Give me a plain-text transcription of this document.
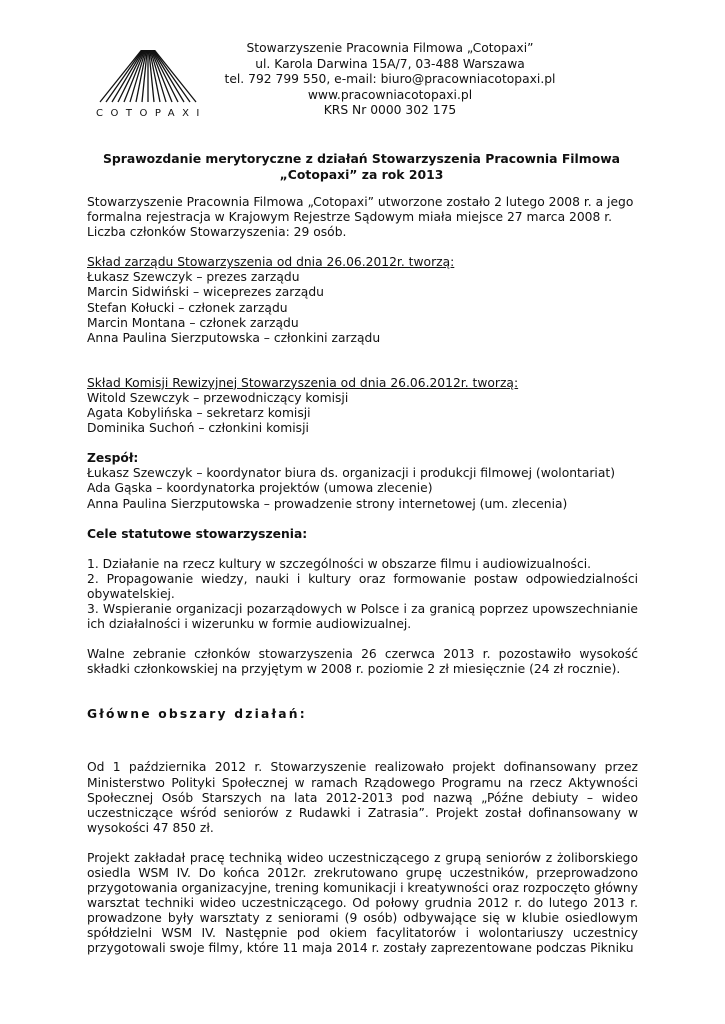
COTOPAXI
Stowarzyszenie Pracownia Filmowa „Cotopaxi”
ul. Karola Darwina 15A/7, 03-488 Warszawa
tel. 792 799 550, e-mail: biuro@pracowniacotopaxi.pl
www.pracowniacotopaxi.pl
KRS Nr 0000 302 175
Sprawozdanie merytoryczne z działań Stowarzyszenia Pracownia Filmowa
„Cotopaxi” za rok 2013

Stowarzyszenie Pracownia Filmowa „Cotopaxi” utworzone zostało 2 lutego 2008 r. a jego

formalna rejestracja w Krajowym Rejestrze Sądowym miała miejsce 27 marca 2008 r.

Liczba członków Stowarzyszenia: 29 osób.

Skład zarządu Stowarzyszenia od dnia 26.06.2012r. tworzą:

Łukasz Szewczyk – prezes zarządu

Marcin Sidwiński – wiceprezes zarządu

Stefan Kołucki – członek zarządu

Marcin Montana – członek zarządu

Anna Paulina Sierzputowska – członkini zarządu

Skład Komisji Rewizyjnej Stowarzyszenia od dnia 26.06.2012r. tworzą:

Witold Szewczyk – przewodniczący komisji

Agata Kobylińska – sekretarz komisji

Dominika Suchoń – członkini komisji

Zespół:

Łukasz Szewczyk – koordynator biura ds. organizacji i produkcji filmowej (wolontariat)

Ada Gąska – koordynatorka projektów (umowa zlecenie)

Anna Paulina Sierzputowska – prowadzenie strony internetowej (um. zlecenia)

Cele statutowe stowarzyszenia:

1. Działanie na rzecz kultury w szczególności w obszarze filmu i audiowizualności.

2. Propagowanie wiedzy, nauki i kultury oraz formowanie postaw odpowiedzialności obywatelskiej.

3. Wspieranie organizacji pozarządowych w Polsce i za granicą poprzez upowszechnianie ich działalności i wizerunku w formie audiowizualnej.

Walne zebranie członków stowarzyszenia 26 czerwca 2013 r. pozostawiło wysokość składki członkowskiej na przyjętym w 2008 r. poziomie 2 zł miesięcznie (24 zł rocznie).

Główne obszary działań:

Od 1 października 2012 r. Stowarzyszenie realizowało projekt dofinansowany przez Ministerstwo Polityki Społecznej w ramach Rządowego Programu na rzecz Aktywności Społecznej Osób Starszych na lata 2012-2013 pod nazwą „Późne debiuty – wideo uczestniczące wśród seniorów z Rudawki i Zatrasia”. Projekt został dofinansowany w wysokości 47 850 zł.

Projekt zakładał pracę techniką wideo uczestniczącego z grupą seniorów z żoliborskiego osiedla WSM IV. Do końca 2012r. zrekrutowano grupę uczestników, przeprowadzono przygotowania organizacyjne, trening komunikacji i kreatywności oraz rozpoczęto główny warsztat techniki wideo uczestniczącego. Od połowy grudnia 2012 r. do lutego 2013 r. prowadzone były warsztaty z seniorami (9 osób) odbywające się w klubie osiedlowym spółdzielni WSM IV. Następnie pod okiem facylitatorów i wolontariuszy uczestnicy przygotowali swoje filmy, które 11 maja 2014 r. zostały zaprezentowane podczas Pikniku
